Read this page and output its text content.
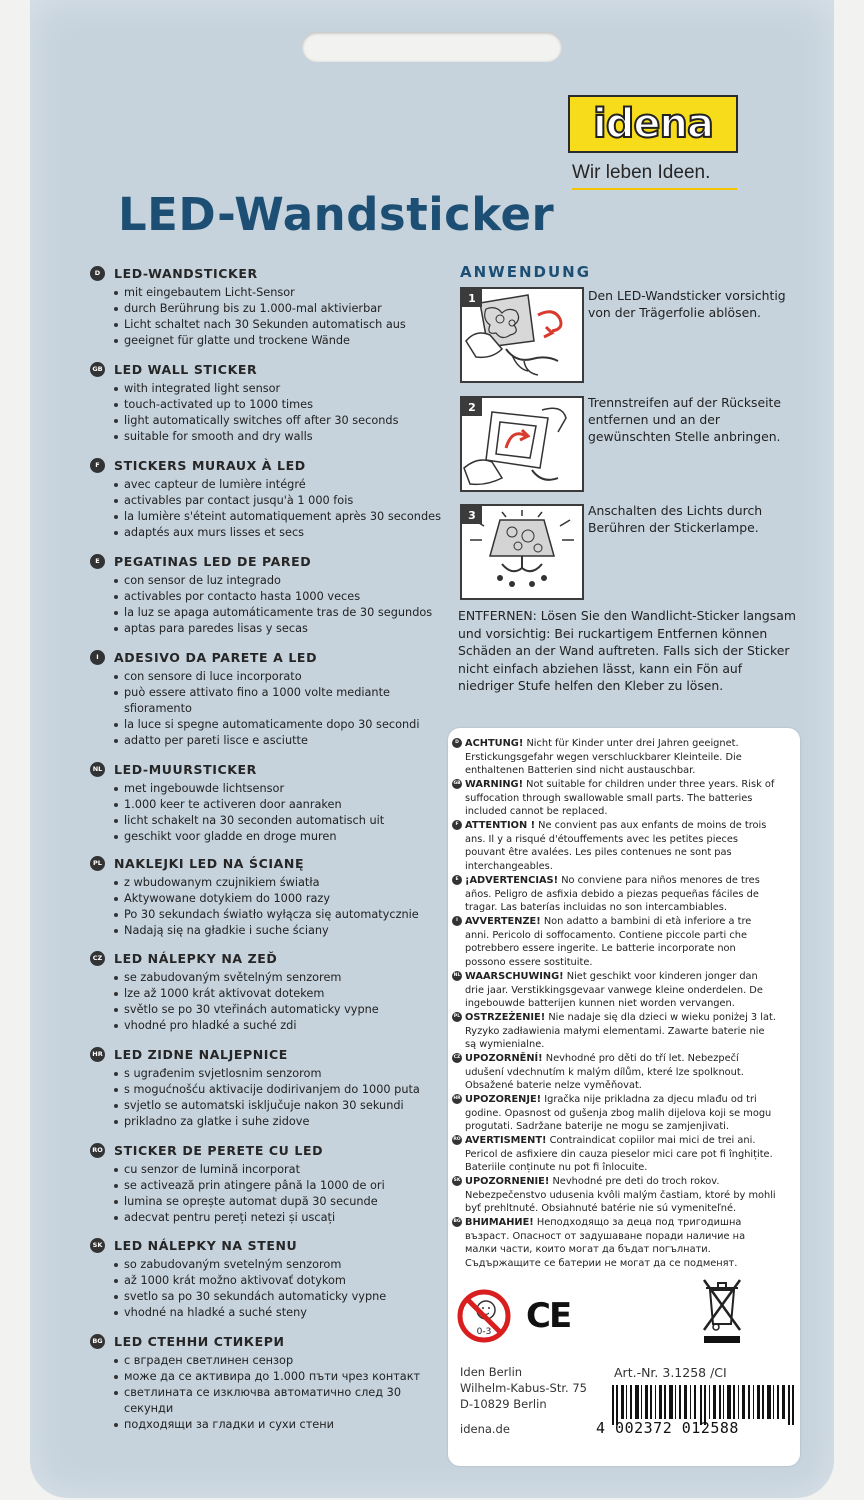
idena
Wir leben Ideen.
LED-Wandsticker
D	LED-WANDSTICKER
mit eingebautem Licht-Sensor
durch Berührung bis zu 1.000-mal aktivierbar
Licht schaltet nach 30 Sekunden automatisch aus
geeignet für glatte und trockene Wände
GB LED WALL STICKER
with integrated light sensor
touch-activated up to 1000 times
light automatically switches off after 30 seconds
suitable for smooth and dry walls
F	STICKERS MURAUX À LED
avec capteur de lumière intégré
activables par contact jusqu'à 1 000 fois
la lumière s'éteint automatiquement après 30 secondes
adaptés aux murs lisses et secs
E	PEGATINAS LED DE PARED
con sensor de luz integrado
activables por contacto hasta 1000 veces
la luz se apaga automáticamente tras de 30 segundos
aptas para paredes lisas y secas
I	ADESIVO DA PARETE A LED
con sensore di luce incorporato
può essere attivato fino a 1000 volte mediante sfioramento
la luce si spegne automaticamente dopo 30 secondi
adatto per pareti lisce e asciutte
NL LED-MUURSTICKER
met ingebouwde lichtsensor
1.000 keer te activeren door aanraken
licht schakelt na 30 seconden automatisch uit
geschikt voor gladde en droge muren
PL NAKLEJKI LED NA ŚCIANĘ
z wbudowanym czujnikiem światła
Aktywowane dotykiem do 1000 razy
Po 30 sekundach światło wyłącza się automatycznie
Nadają się na gładkie i suche ściany
CZ LED NÁLEPKY NA ZEĎ
se zabudovaným světelným senzorem
lze až 1000 krát aktivovat dotekem
světlo se po 30 vteřinách automaticky vypne
vhodné pro hladké a suché zdi
HR LED ZIDNE NALJEPNICE
s ugrađenim svjetlosnim senzorom
s mogućnošću aktivacije dodirivanjem do 1000 puta
svjetlo se automatski isključuje nakon 30 sekundi
prikladno za glatke i suhe zidove
RO STICKER DE PERETE CU LED
cu senzor de lumină incorporat
se activează prin atingere până la 1000 de ori
lumina se oprește automat după 30 secunde
adecvat pentru pereți netezi și uscați
SK LED NÁLEPKY NA STENU
so zabudovaným svetelným senzorom
až 1000 krát možno aktivovať dotykom
svetlo sa po 30 sekundách automaticky vypne
vhodné na hladké a suché steny
BG LED СТЕННИ СТИКЕРИ
с вграден светлинен сензор
може да се активира до 1.000 пъти чрез контакт
светлината се изключва автоматично след 30 секунди
подходящи за гладки и сухи стени
ANWENDUNG
1	Den LED-Wandsticker vorsichtig von der Trägerfolie ablösen.
2	Trennstreifen auf der Rückseite entfernen und an der gewünschten Stelle anbringen.
3	Anschalten des Lichts durch Berühren der Stickerlampe.
ENTFERNEN: Lösen Sie den Wandlicht-Sticker langsam und vorsichtig: Bei ruckartigem Entfernen können Schäden an der Wand auftreten. Falls sich der Sticker nicht einfach abziehen lässt, kann ein Fön auf niedriger Stufe helfen den Kleber zu lösen.
D ACHTUNG! Nicht für Kinder unter drei Jahren geeignet. Erstickungsgefahr wegen verschluckbarer Kleinteile. Die enthaltenen Batterien sind nicht austauschbar.
GB WARNING! Not suitable for children under three years. Risk of suffocation through swallowable small parts. The batteries included cannot be replaced.
F ATTENTION ! Ne convient pas aux enfants de moins de trois ans. Il y a risqué d'étouffements avec les petites pieces pouvant être avalées. Les piles contenues ne sont pas interchangeables.
E ¡ADVERTENCIAS! No conviene para niños menores de tres años. Peligro de asfixia debido a piezas pequeñas fáciles de tragar. Las baterías incluidas no son intercambiables.
I AVVERTENZE! Non adatto a bambini di età inferiore a tre anni. Pericolo di soffocamento. Contiene piccole parti che potrebbero essere ingerite. Le batterie incorporate non possono essere sostituite.
NL WAARSCHUWING! Niet geschikt voor kinderen jonger dan drie jaar. Verstikkingsgevaar vanwege kleine onderdelen. De ingebouwde batterijen kunnen niet worden vervangen.
PL OSTRZEŻENIE! Nie nadaje się dla dzieci w wieku poniżej 3 lat. Ryzyko zadławienia małymi elementami. Zawarte baterie nie są wymienialne.
CZ UPOZORNĚNÍ! Nevhodné pro děti do tří let. Nebezpečí udušení vdechnutím k malým dílům, které lze spolknout. Obsažené baterie nelze vyměňovat.
HR UPOZORENJE! Igračka nije prikladna za djecu mlađu od tri godine. Opasnost od gušenja zbog malih dijelova koji se mogu progutati. Sadržane baterije ne mogu se zamjenjivati.
RO AVERTISMENT! Contraindicat copiilor mai mici de trei ani. Pericol de asfixiere din cauza pieselor mici care pot fi înghițite. Bateriile conținute nu pot fi înlocuite.
SK UPOZORNENIE! Nevhodné pre deti do troch rokov. Nebezpečenstvo udusenia kvôli malým častiam, ktoré by mohli byť prehltnuté. Obsiahnuté batérie nie sú vymeniteľné.
BG ВНИМАНИЕ! Неподходящо за деца под тригодишна възраст. Опасност от задушаване поради наличие на малки части, които могат да бъдат погълнати. Съдържащите се батерии не могат да се подменят.
0-3 CE
Iden Berlin
Wilhelm-Kabus-Str. 75
D-10829 Berlin
idena.de
Art.-Nr. 3.1258 /CI
4 002372 012588
